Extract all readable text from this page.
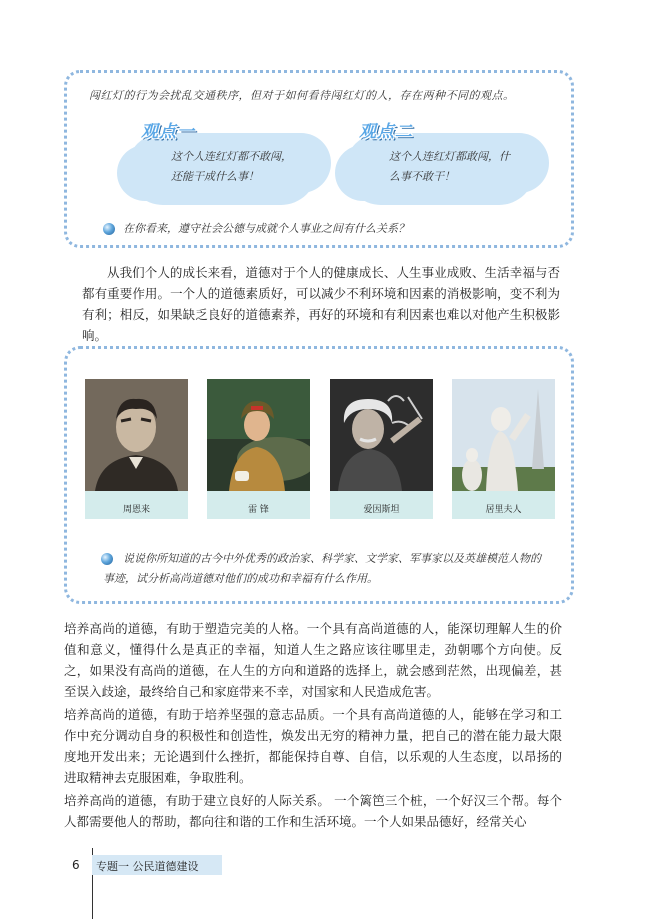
闯红灯的行为会扰乱交通秩序，但对于如何看待闯红灯的人，存在两种不同的观点。
观点一
这个人连红灯都不敢闯，还能干成什么事！
观点二
这个人连红灯都敢闯，什么事不敢干！
在你看来，遵守社会公德与成就个人事业之间有什么关系？

从我们个人的成长来看，道德对于个人的健康成长、人生事业成败、生活幸福与否都有重要作用。一个人的道德素质好，可以减少不利环境和因素的消极影响，变不利为有利；相反，如果缺乏良好的道德素养，再好的环境和有利因素也难以对他产生积极影响。

周恩来	雷 锋	爱因斯坦	居里夫人
说说你所知道的古今中外优秀的政治家、科学家、文学家、军事家以及英雄模范人物的事迹，试分析高尚道德对他们的成功和幸福有什么作用。

培养高尚的道德，有助于塑造完美的人格。一个具有高尚道德的人，能深切理解人生的价值和意义，懂得什么是真正的幸福，知道人生之路应该往哪里走，劲朝哪个方向使。反之，如果没有高尚的道德，在人生的方向和道路的选择上，就会感到茫然，出现偏差，甚至误入歧途，最终给自己和家庭带来不幸，对国家和人民造成危害。

培养高尚的道德，有助于培养坚强的意志品质。一个具有高尚道德的人，能够在学习和工作中充分调动自身的积极性和创造性，焕发出无穷的精神力量，把自己的潜在能力最大限度地开发出来；无论遇到什么挫折，都能保持自尊、自信，以乐观的人生态度，以昂扬的进取精神去克服困难，争取胜利。

培养高尚的道德，有助于建立良好的人际关系。 一个篱笆三个桩，一个好汉三个帮。每个人都需要他人的帮助，都向往和谐的工作和生活环境。一个人如果品德好，经常关心

6 专题一 公民道德建设
